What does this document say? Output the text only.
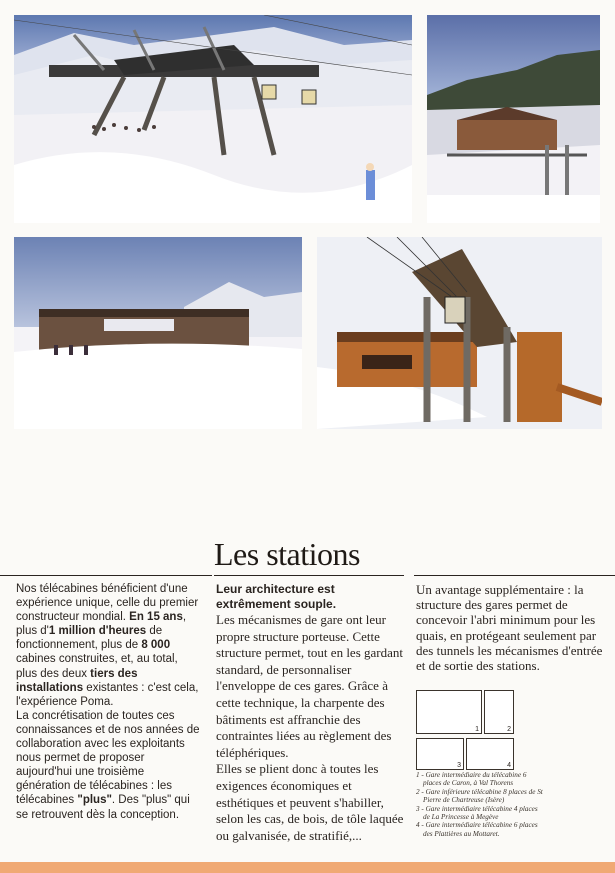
Les stations

Nos télécabines bénéficient d'une expérience unique, celle du premier constructeur mondial. En 15 ans, plus d'1 million d'heures de fonctionnement, plus de 8 000 cabines construites, et, au total, plus des deux tiers des installations existantes : c'est cela, l'expérience Poma.

La concrétisation de toutes ces connaissances et de nos années de collaboration avec les exploitants nous permet de proposer aujourd'hui une troisième génération de télécabines : les télécabines "plus". Des "plus" qui se retrouvent dès la conception.

Leur architecture est extrêmement souple.

Les mécanismes de gare ont leur propre structure porteuse. Cette structure permet, tout en les gardant standard, de personnaliser l'enveloppe de ces gares. Grâce à cette technique, la charpente des bâtiments est affranchie des contraintes liées au règlement des téléphériques.

Elles se plient donc à toutes les exigences économiques et esthétiques et peuvent s'habiller, selon les cas, de bois, de tôle laquée ou galvanisée, de stratifié,...

Un avantage supplémentaire : la structure des gares permet de concevoir l'abri minimum pour les quais, en protégeant seulement par des tunnels les mécanismes d'entrée et de sortie des stations.

1	2
3	4
1 - Gare intermédiaire du télécabine 6 places de Caron, à Val Thorens
2 - Gare inférieure télécabine 8 places de St Pierre de Chartreuse (Isère)
3 - Gare intermédiaire télécabine 4 places de La Princesse à Megève
4 - Gare intermédiaire télécabine 6 places des Plattières au Mottaret.
